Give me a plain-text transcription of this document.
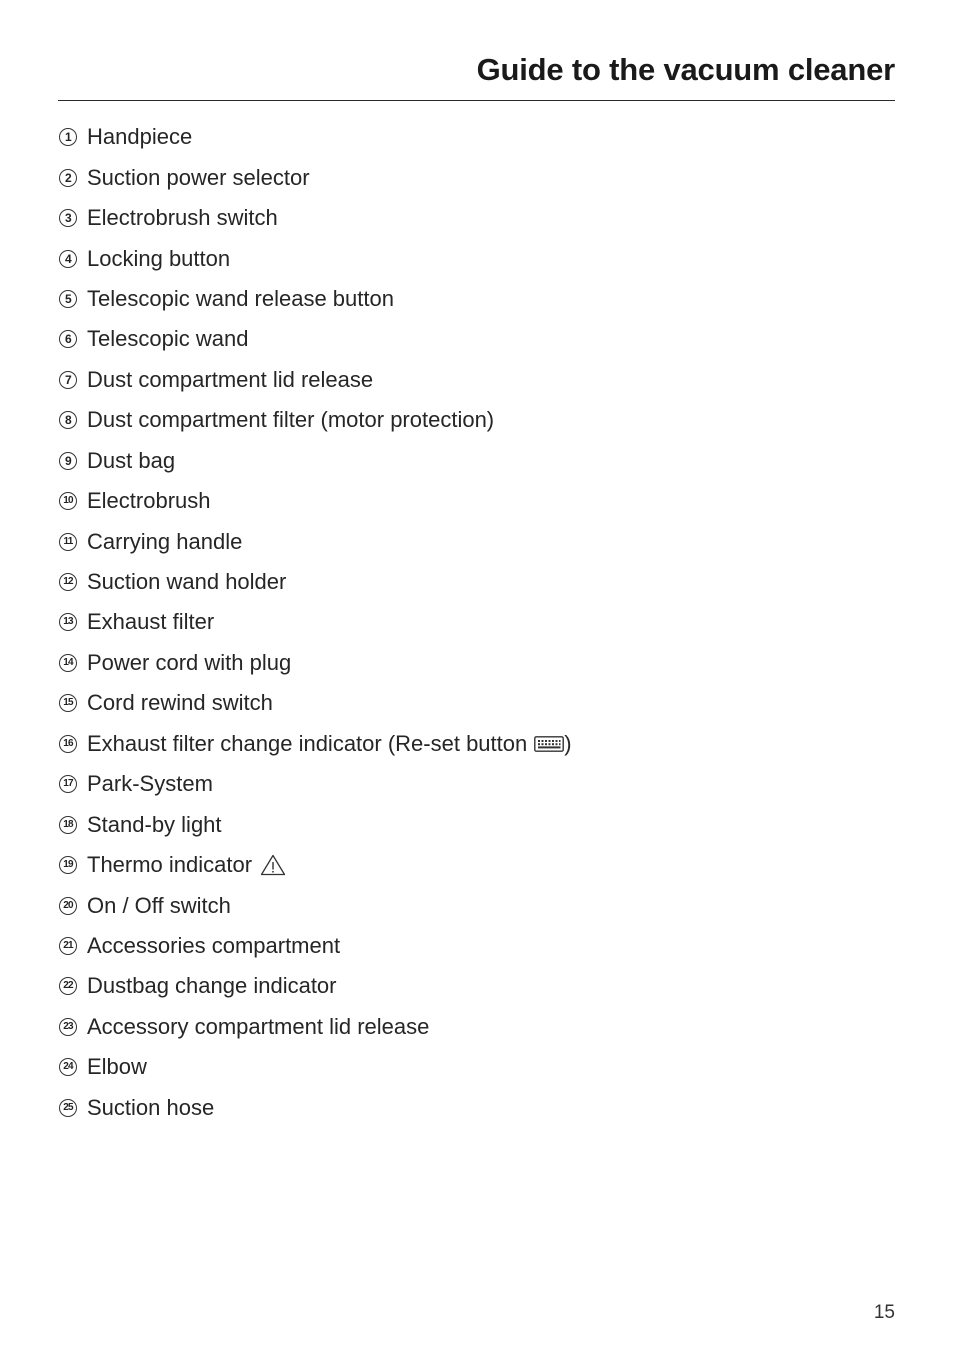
Guide to the vacuum cleaner
1 Handpiece
2 Suction power selector
3 Electrobrush switch
4 Locking button
5 Telescopic wand release button
6 Telescopic wand
7 Dust compartment lid release
8 Dust compartment filter (motor protection)
9 Dust bag
10 Electrobrush
11 Carrying handle
12 Suction wand holder
13 Exhaust filter
14 Power cord with plug
15 Cord rewind switch
16 Exhaust filter change indicator (Re-set button )
17 Park-System
18 Stand-by light
19 Thermo indicator
20 On / Off switch
21 Accessories compartment
22 Dustbag change indicator
23 Accessory compartment lid release
24 Elbow
25 Suction hose
15
